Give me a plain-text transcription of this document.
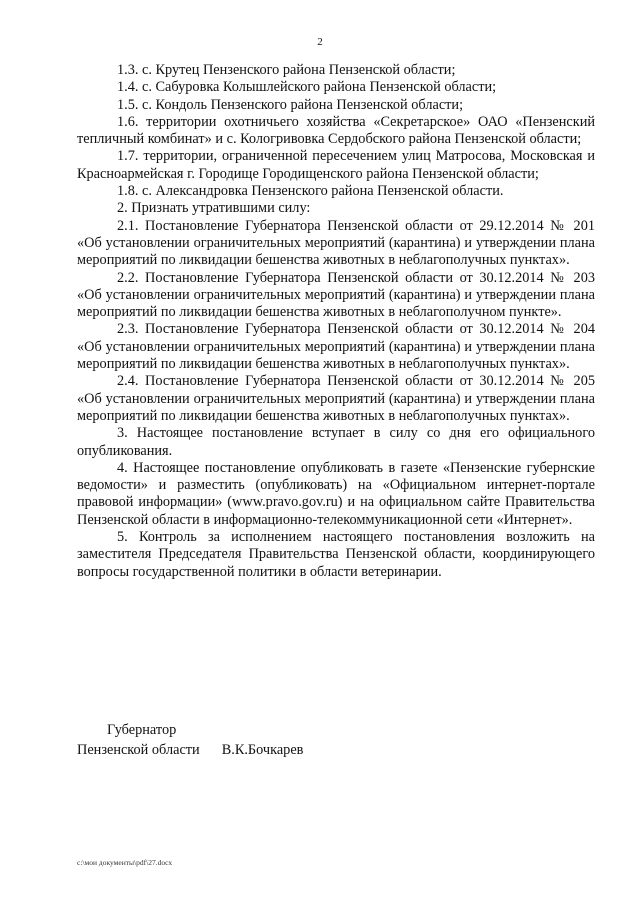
2

1.3. с. Крутец Пензенского района Пензенской области;

1.4. с. Сабуровка Колышлейского района Пензенской области;

1.5. с. Кондоль Пензенского района Пензенской области;

1.6. территории охотничьего хозяйства «Секретарское» ОАО «Пензенский тепличный комбинат» и с. Кологривовка Сердобского района Пензенской области;

1.7. территории, ограниченной пересечением улиц Матросова, Московская и Красноармейская г. Городище Городищенского района Пензенской области;

1.8. с. Александровка Пензенского района Пензенской области.

2. Признать утратившими силу:

2.1. Постановление Губернатора Пензенской области от 29.12.2014 № 201 «Об установлении ограничительных мероприятий (карантина) и утверждении плана мероприятий по ликвидации бешенства животных в неблагополучных пунктах».

2.2. Постановление Губернатора Пензенской области от 30.12.2014 № 203 «Об установлении ограничительных мероприятий (карантина) и утверждении плана мероприятий по ликвидации бешенства животных в неблагополучном пункте».

2.3. Постановление Губернатора Пензенской области от 30.12.2014 № 204 «Об установлении ограничительных мероприятий (карантина) и утверждении плана мероприятий по ликвидации бешенства животных в неблагополучных пунктах».

2.4. Постановление Губернатора Пензенской области от 30.12.2014 № 205 «Об установлении ограничительных мероприятий (карантина) и утверждении плана мероприятий по ликвидации бешенства животных в неблагополучных пунктах».

3. Настоящее постановление вступает в силу со дня его официального опубликования.

4. Настоящее постановление опубликовать в газете «Пензенские губернские ведомости» и разместить (опубликовать) на «Официальном интернет-портале правовой информации» (www.pravo.gov.ru) и на официальном сайте Правительства Пензенской области в информационно-телекоммуникационной сети «Интернет».

5. Контроль за исполнением настоящего постановления возложить на заместителя Председателя Правительства Пензенской области, координирующего вопросы государственной политики в области ветеринарии.

Губернатор

Пензенской области В.К.Бочкарев

c:\мои документы\pdf\27.docx
